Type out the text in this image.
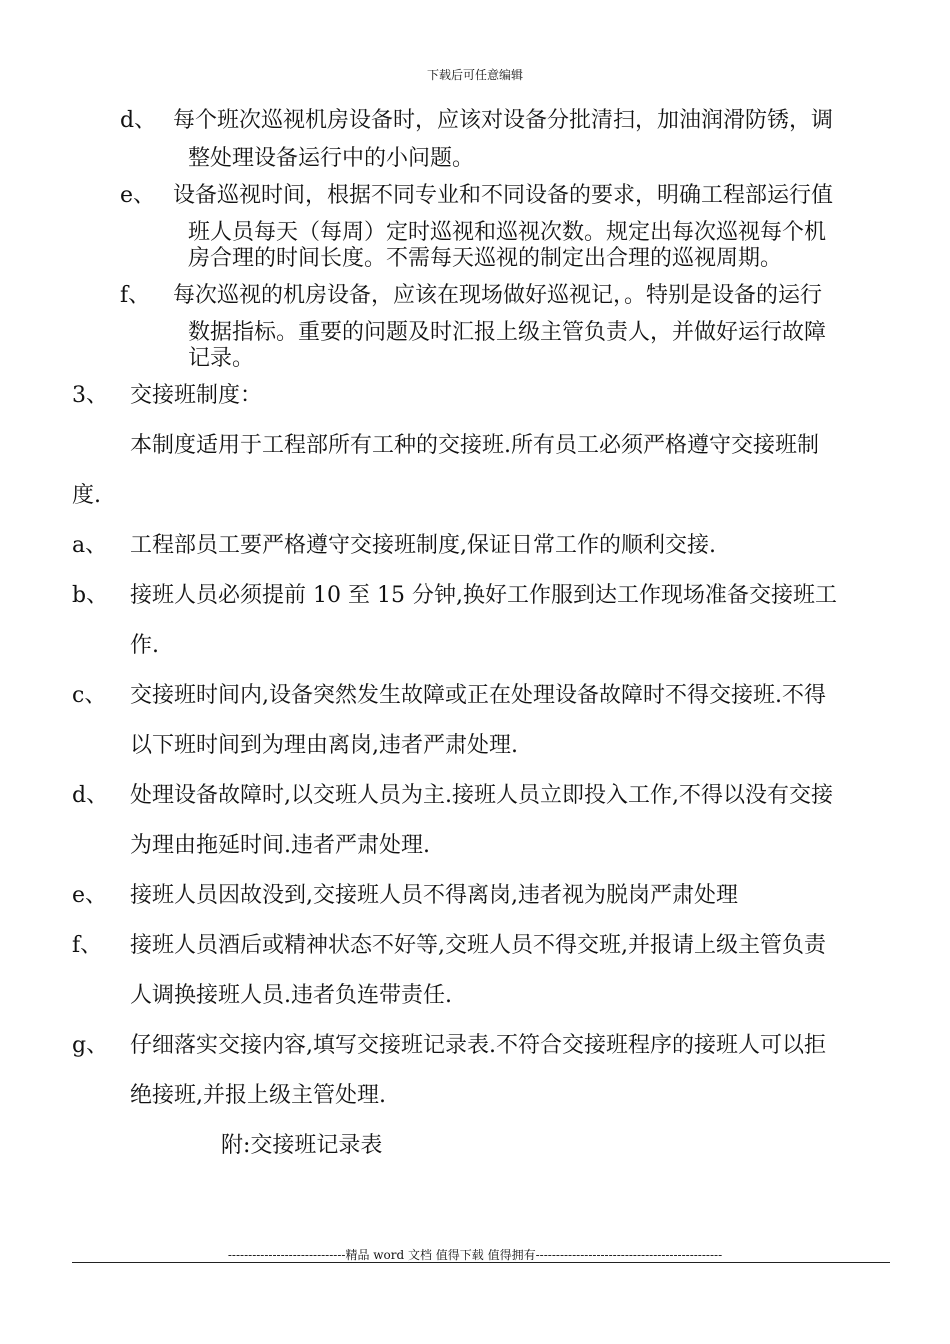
下载后可任意编辑
d、 每个班次巡视机房设备时，应该对设备分批清扫，加油润滑防锈，调
整处理设备运行中的小问题。
e、 设备巡视时间，根据不同专业和不同设备的要求，明确工程部运行值
班人员每天（每周）定时巡视和巡视次数。规定出每次巡视每个机
房合理的时间长度。不需每天巡视的制定出合理的巡视周期。
f、 每次巡视的机房设备，应该在现场做好巡视记，。特别是设备的运行
数据指标。重要的问题及时汇报上级主管负责人，并做好运行故障
记录。
3、 交接班制度：
本制度适用于工程部所有工种的交接班.所有员工必须严格遵守交接班制
度.
a、 工程部员工要严格遵守交接班制度,保证日常工作的顺利交接.
b、 接班人员必须提前 10 至 15 分钟,换好工作服到达工作现场准备交接班工
作.
c、 交接班时间内,设备突然发生故障或正在处理设备故障时不得交接班.不得
以下班时间到为理由离岗,违者严肃处理.
d、 处理设备故障时,以交班人员为主.接班人员立即投入工作,不得以没有交接
为理由拖延时间.违者严肃处理.
e、 接班人员因故没到,交接班人员不得离岗,违者视为脱岗严肃处理
f、 接班人员酒后或精神状态不好等,交班人员不得交班,并报请上级主管负责
人调换接班人员.违者负连带责任.
g、 仔细落实交接内容,填写交接班记录表.不符合交接班程序的接班人可以拒
绝接班,并报上级主管处理.
附:交接班记录表
-----------------------------精品 word 文档 值得下载 值得拥有----------------------------------------------
